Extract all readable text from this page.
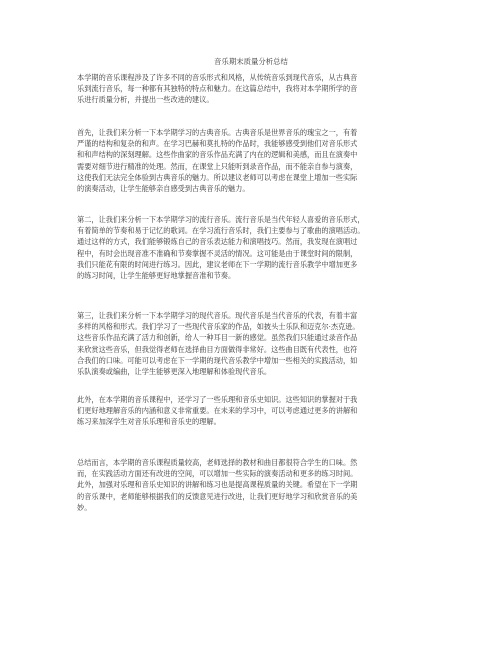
音乐期末质量分析总结
本学期的音乐课程涉及了许多不同的音乐形式和风格，从传统音乐到现代音乐，从古典音
乐到流行音乐，每一种都有其独特的特点和魅力。在这篇总结中，我将对本学期所学的音
乐进行质量分析，并提出一些改进的建议。
首先，让我们来分析一下本学期学习的古典音乐。古典音乐是世界音乐的瑰宝之一，有着
严谨的结构和复杂的和声。在学习巴赫和莫扎特的作品时，我能够感受到他们对音乐形式
和和声结构的深刻理解。这些作曲家的音乐作品充满了内在的逻辑和美感，而且在演奏中
需要对细节进行精准的处理。然而，在课堂上只能听到录音作品，而不能亲自参与演奏，
这使我们无法完全体验到古典音乐的魅力。所以建议老师可以考虑在课堂上增加一些实际
的演奏活动，让学生能够亲自感受到古典音乐的魅力。
第二，让我们来分析一下本学期学习的流行音乐。流行音乐是当代年轻人喜爱的音乐形式，
有着简单的节奏和易于记忆的歌词。在学习流行音乐时，我们主要参与了歌曲的演唱活动。
通过这样的方式，我们能够锻炼自己的音乐表达能力和演唱技巧。然而，我发现在演唱过
程中，有时会出现音准不准确和节奏掌握不灵活的情况。这可能是由于课堂时间的限制，
我们只能花有限的时间进行练习。因此，建议老师在下一学期的流行音乐教学中增加更多
的练习时间，让学生能够更好地掌握音准和节奏。
第三，让我们来分析一下本学期学习的现代音乐。现代音乐是当代音乐的代表，有着丰富
多样的风格和形式。我们学习了一些现代音乐家的作品，如披头士乐队和迈克尔·杰克逊。
这些音乐作品充满了活力和创新，给人一种耳目一新的感觉。虽然我们只能通过录音作品
来欣赏这些音乐，但我觉得老师在选择曲目方面做得非常好。这些曲目既有代表性，也符
合我们的口味。可能可以考虑在下一学期的现代音乐教学中增加一些相关的实践活动，如
乐队演奏或编曲，让学生能够更深入地理解和体验现代音乐。
此外，在本学期的音乐课程中，还学习了一些乐理和音乐史知识。这些知识的掌握对于我
们更好地理解音乐的内涵和意义非常重要。在未来的学习中，可以考虑通过更多的讲解和
练习来加深学生对音乐乐理和音乐史的理解。
总结而言，本学期的音乐课程质量较高，老师选择的教材和曲目都很符合学生的口味。然
而，在实践活动方面还有改进的空间，可以增加一些实际的演奏活动和更多的练习时间。
此外，加强对乐理和音乐史知识的讲解和练习也是提高课程质量的关键。希望在下一学期
的音乐课中，老师能够根据我们的反馈意见进行改进，让我们更好地学习和欣赏音乐的美
妙。
